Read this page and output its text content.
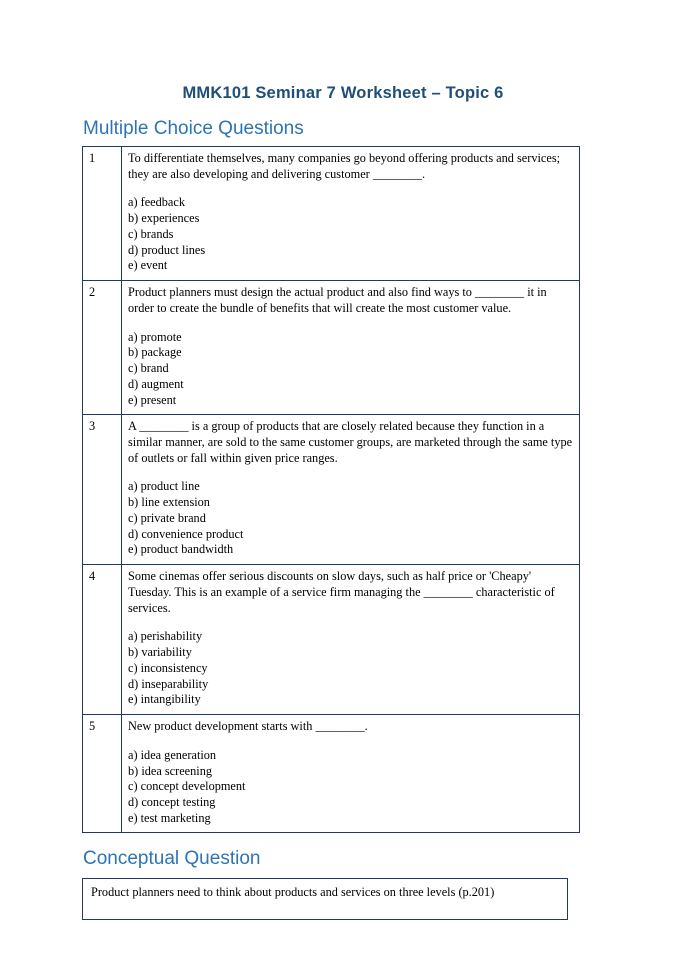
MMK101 Seminar 7 Worksheet – Topic 6
Multiple Choice Questions
1	To differentiate themselves, many companies go beyond offering products and services; they are also developing and delivering customer ________.
a) feedback
b) experiences
c) brands
d) product lines
e) event

2	Product planners must design the actual product and also find ways to ________ it in order to create the bundle of benefits that will create the most customer value.
a) promote
b) package
c) brand
d) augment
e) present

3	A ________ is a group of products that are closely related because they function in a similar manner, are sold to the same customer groups, are marketed through the same type of outlets or fall within given price ranges.
a) product line
b) line extension
c) private brand
d) convenience product
e) product bandwidth

4	Some cinemas offer serious discounts on slow days, such as half price or 'Cheapy' Tuesday. This is an example of a service firm managing the ________ characteristic of services.
a) perishability
b) variability
c) inconsistency
d) inseparability
e) intangibility

5	New product development starts with ________.
a) idea generation
b) idea screening
c) concept development
d) concept testing
e) test marketing
Conceptual Question
Product planners need to think about products and services on three levels (p.201)
